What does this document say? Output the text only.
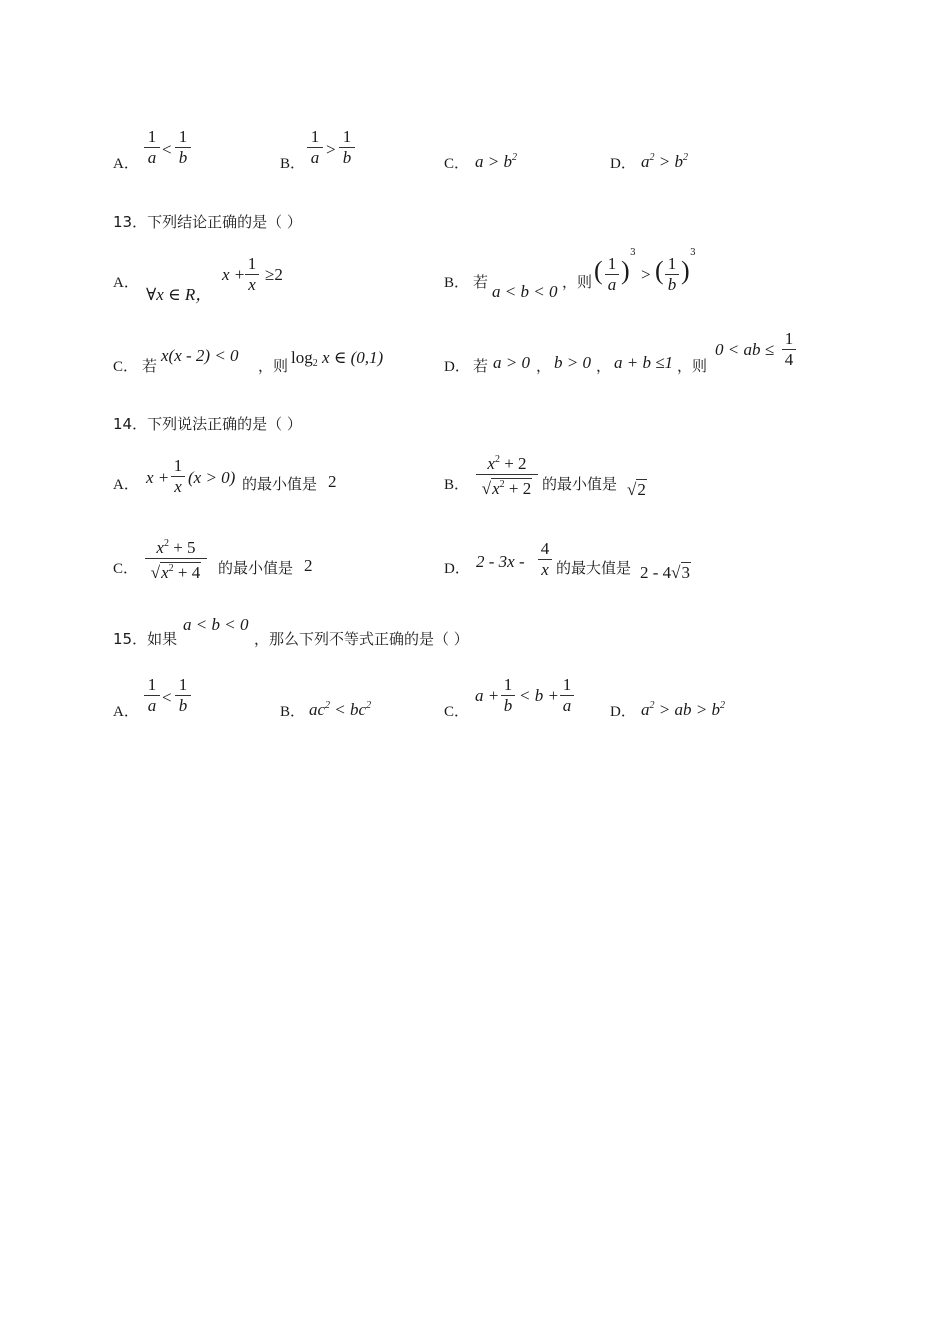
A．
1
a <
1
b	B．
1
a >
1
b	C． $a > b^2$	D． $a^2 > b^2$
13．下列结论正确的是（ ）
A．
∀x ∈ R，
x +
1
x
≥2	B． 若 a < b < 0 ，则 ( 1
a )
3
> ( 1
b )
3
C． 若
x(x - 2) < 0
，则 $\log_2 x$ ∈ (0,1)	D． 若 a > 0 ， b > 0 ， a + b ≤1 ，则
0 < ab ≤
1
4
14．下列说法正确的是（ ）
A． x +
1
x (x > 0) 的最小值是 2	B．
$x^2 + 2$
$√x^2 + 2$ 的最小值是 √2
C．
$x^2 + 5$
$√x^2 + 4$	的最小值是 2	D． 2 - 3x -
4
x 的最大值是 2 - 4√3
15．如果
a < b < 0
，那么下列不等式正确的是（ ）
A．
1
a <
1
b	B． $ac^2 < bc^2$	C．
a +
1
b
< b +
1
a	D． $a^2$ > ab > $b^2$
